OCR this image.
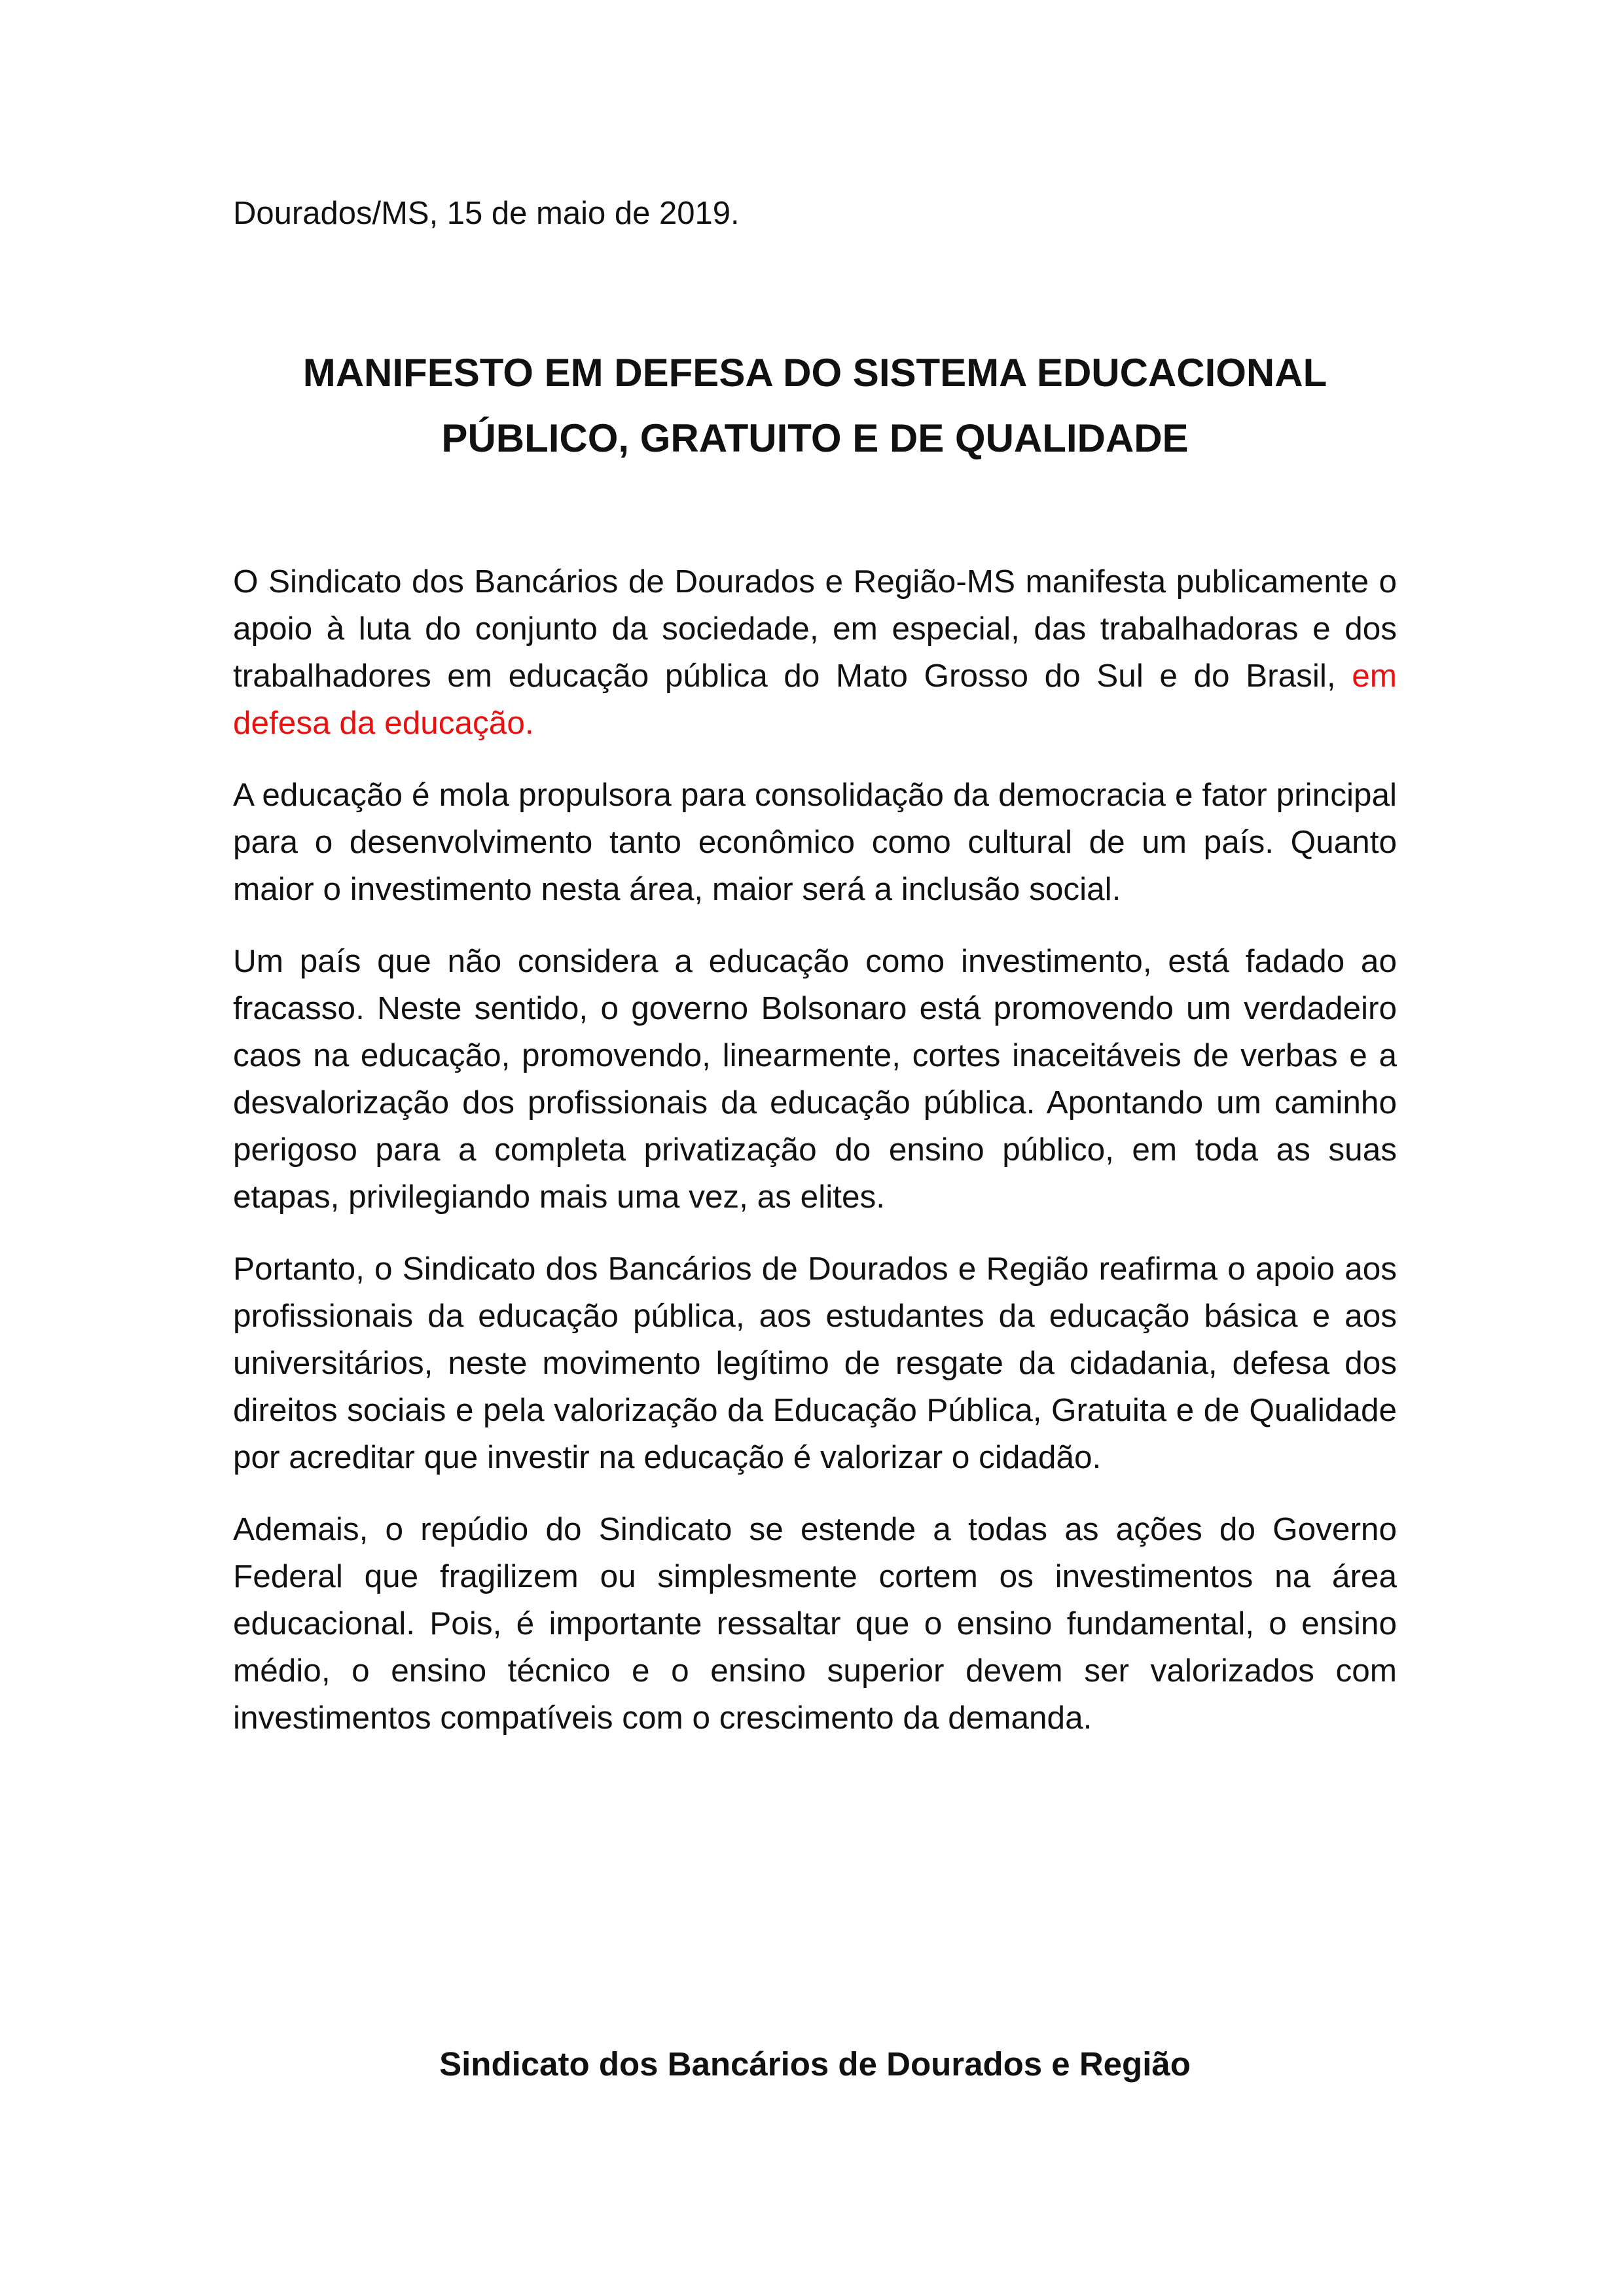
Dourados/MS, 15 de maio de 2019.
MANIFESTO EM DEFESA DO SISTEMA EDUCACIONAL
PÚBLICO, GRATUITO E DE QUALIDADE

O Sindicato dos Bancários de Dourados e Região-MS manifesta publicamente o apoio à luta do conjunto da sociedade, em especial, das trabalhadoras e dos trabalhadores em educação pública do Mato Grosso do Sul e do Brasil, em defesa da educação.

A educação é mola propulsora para consolidação da democracia e fator principal para o desenvolvimento tanto econômico como cultural de um país. Quanto maior o investimento nesta área, maior será a inclusão social.

Um país que não considera a educação como investimento, está fadado ao fracasso. Neste sentido, o governo Bolsonaro está promovendo um verdadeiro caos na educação, promovendo, linearmente, cortes inaceitáveis de verbas e a desvalorização dos profissionais da educação pública. Apontando um caminho perigoso para a completa privatização do ensino público, em toda as suas etapas, privilegiando mais uma vez, as elites.

Portanto, o Sindicato dos Bancários de Dourados e Região reafirma o apoio aos profissionais da educação pública, aos estudantes da educação básica e aos universitários, neste movimento legítimo de resgate da cidadania, defesa dos direitos sociais e pela valorização da Educação Pública, Gratuita e de Qualidade por acreditar que investir na educação é valorizar o cidadão.

Ademais, o repúdio do Sindicato se estende a todas as ações do Governo Federal que fragilizem ou simplesmente cortem os investimentos na área educacional. Pois, é importante ressaltar que o ensino fundamental, o ensino médio, o ensino técnico e o ensino superior devem ser valorizados com investimentos compatíveis com o crescimento da demanda.

Sindicato dos Bancários de Dourados e Região
